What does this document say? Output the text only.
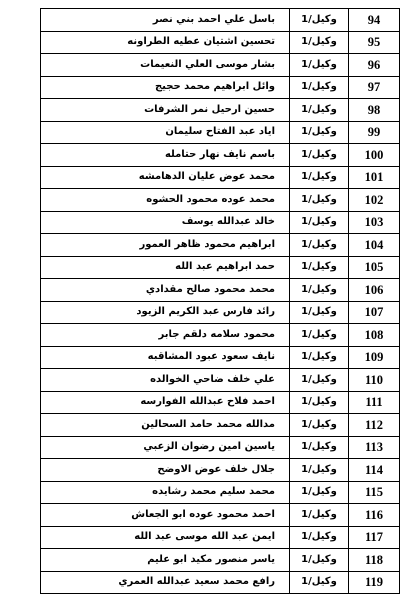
باسل علي احمد بني نصر	وكيل/1	94
تحسين اشتيان عطيه الطراونه	وكيل/1	95
بشار موسى العلي النعيمات	وكيل/1	96
وائل ابراهيم محمد حجيج	وكيل/1	97
حسين ارحيل نمر الشرفات	وكيل/1	98
اياد عبد الفتاح سليمان	وكيل/1	99
باسم نايف نهار حتامله	وكيل/1	100
محمد عوض عليان الدهامشه	وكيل/1	101
محمد عوده محمود الحشوه	وكيل/1	102
خالد عبدالله يوسف	وكيل/1	103
ابراهيم محمود ظاهر العمور	وكيل/1	104
حمد ابراهيم عبد الله	وكيل/1	105
محمد محمود صالح مقدادي	وكيل/1	106
رائد فارس عبد الكريم الزيود	وكيل/1	107
محمود سلامه دلقم جابر	وكيل/1	108
نايف سعود عبود المشاقبه	وكيل/1	109
علي خلف ضاحي الخوالده	وكيل/1	110
احمد فلاح عبدالله الفوارسه	وكيل/1	111
مدالله محمد حامد السحالين	وكيل/1	112
ياسين امين رضوان الزعبي	وكيل/1	113
جلال خلف عوض الاوضح	وكيل/1	114
محمد سليم محمد رشايده	وكيل/1	115
احمد محمود عوده ابو الجعاش	وكيل/1	116
ايمن عبد الله موسى عبد الله	وكيل/1	117
ياسر منصور مكيد ابو عليم	وكيل/1	118
رافع محمد سعيد عبدالله العمري	وكيل/1	119
